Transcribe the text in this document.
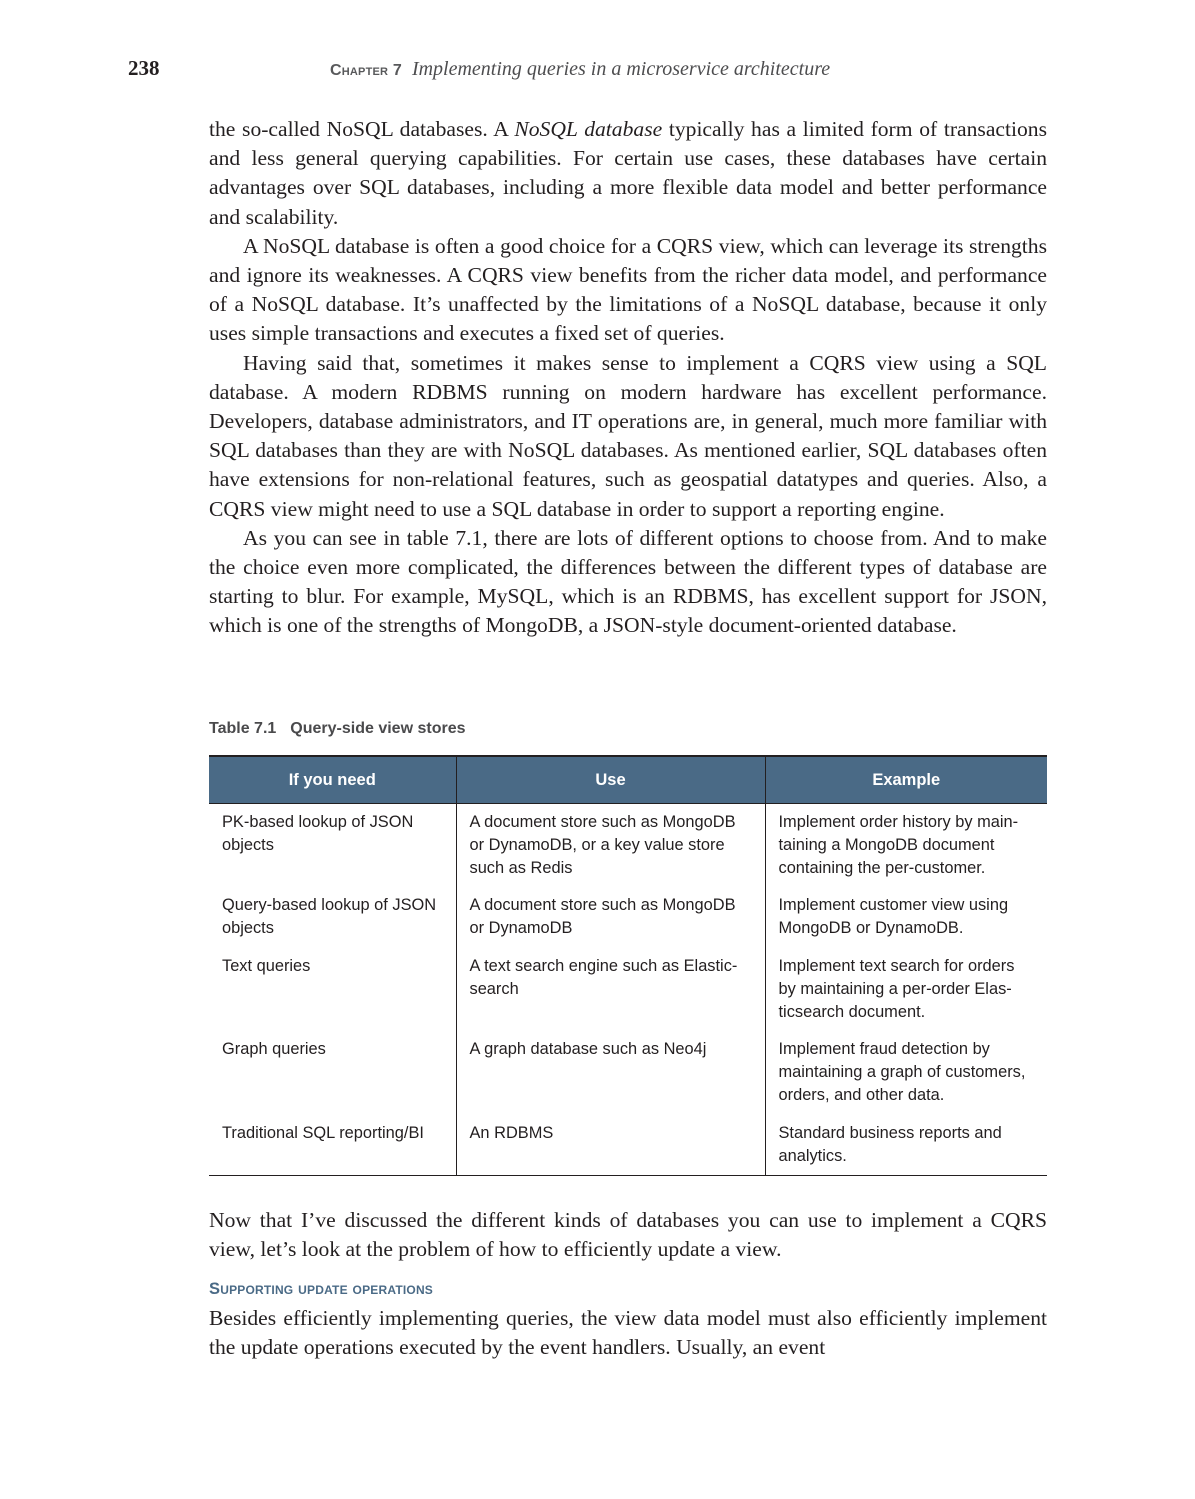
238	Chapter 7 Implementing queries in a microservice architecture

the so-called NoSQL databases. A NoSQL database typically has a limited form of transactions and less general querying capabilities. For certain use cases, these databases have certain advantages over SQL databases, including a more flexible data model and better performance and scalability.

A NoSQL database is often a good choice for a CQRS view, which can leverage its strengths and ignore its weaknesses. A CQRS view benefits from the richer data model, and performance of a NoSQL database. It’s unaffected by the limitations of a NoSQL database, because it only uses simple transactions and executes a fixed set of queries.

Having said that, sometimes it makes sense to implement a CQRS view using a SQL database. A modern RDBMS running on modern hardware has excellent performance. Developers, database administrators, and IT operations are, in general, much more familiar with SQL databases than they are with NoSQL databases. As mentioned earlier, SQL databases often have extensions for non-relational features, such as geospatial datatypes and queries. Also, a CQRS view might need to use a SQL database in order to support a reporting engine.

As you can see in table 7.1, there are lots of different options to choose from. And to make the choice even more complicated, the differences between the different types of database are starting to blur. For example, MySQL, which is an RDBMS, has excellent support for JSON, which is one of the strengths of MongoDB, a JSON-style document-oriented database.

Table 7.1 Query-side view stores
If you need	Use	Example
PK-based lookup of JSON objects	A document store such as MongoDB or DynamoDB, or a key value store such as Redis	Implement order history by maintaining a MongoDB document containing the per-customer.
Query-based lookup of JSON objects	A document store such as MongoDB or DynamoDB	Implement customer view using MongoDB or DynamoDB.
Text queries	A text search engine such as Elasticsearch	Implement text search for orders by maintaining a per-order Elasticsearch document.
Graph queries	A graph database such as Neo4j	Implement fraud detection by maintaining a graph of customers, orders, and other data.
Traditional SQL reporting/BI	An RDBMS	Standard business reports and analytics.

Now that I’ve discussed the different kinds of databases you can use to implement a CQRS view, let’s look at the problem of how to efficiently update a view.

Supporting update operations

Besides efficiently implementing queries, the view data model must also efficiently implement the update operations executed by the event handlers. Usually, an event
